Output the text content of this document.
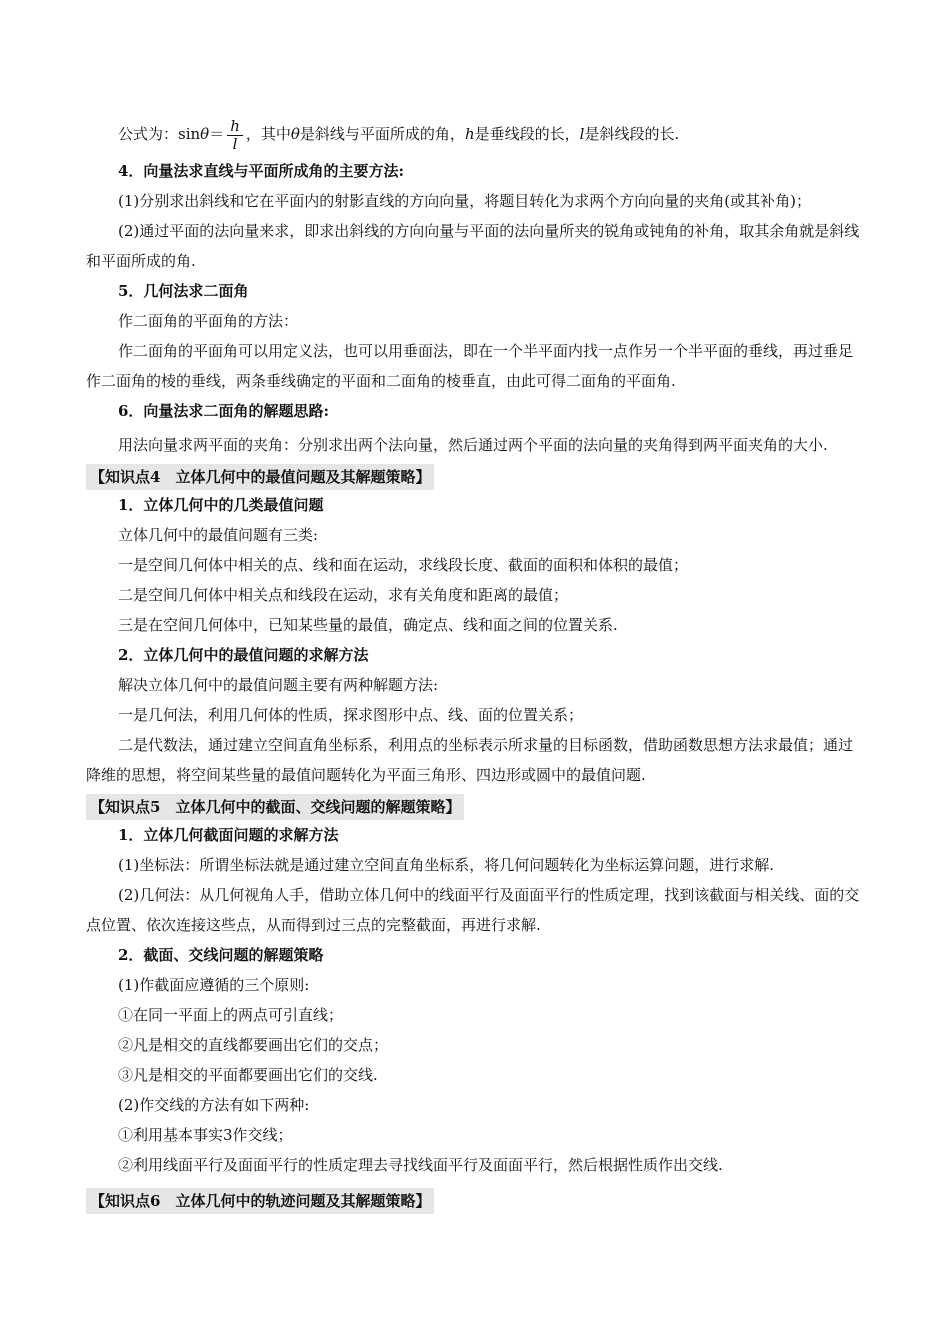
公式为：$\sin\theta= \frac{h}{l}$ ，其中θ是斜线与平面所成的角，h是垂线段的长，l是斜线段的长.
4．向量法求直线与平面所成角的主要方法:
(1)分别求出斜线和它在平面内的射影直线的方向向量，将题目转化为求两个方向向量的夹角(或其补角)；
(2)通过平面的法向量来求，即求出斜线的方向向量与平面的法向量所夹的锐角或钝角的补角，取其余角就是斜线和平面所成的角.
5．几何法求二面角
作二面角的平面角的方法：
作二面角的平面角可以用定义法，也可以用垂面法，即在一个半平面内找一点作另一个半平面的垂线，再过垂足作二面角的棱的垂线，两条垂线确定的平面和二面角的棱垂直，由此可得二面角的平面角.
6．向量法求二面角的解题思路:
用法向量求两平面的夹角：分别求出两个法向量，然后通过两个平面的法向量的夹角得到两平面夹角的大小.
【知识点4　立体几何中的最值问题及其解题策略】
1．立体几何中的几类最值问题
立体几何中的最值问题有三类:
一是空间几何体中相关的点、线和面在运动，求线段长度、截面的面积和体积的最值；
二是空间几何体中相关点和线段在运动，求有关角度和距离的最值；
三是在空间几何体中，已知某些量的最值，确定点、线和面之间的位置关系.
2．立体几何中的最值问题的求解方法
解决立体几何中的最值问题主要有两种解题方法:
一是几何法，利用几何体的性质，探求图形中点、线、面的位置关系；
二是代数法，通过建立空间直角坐标系，利用点的坐标表示所求量的目标函数，借助函数思想方法求最值；通过降维的思想，将空间某些量的最值问题转化为平面三角形、四边形或圆中的最值问题.
【知识点5　立体几何中的截面、交线问题的解题策略】
1．立体几何截面问题的求解方法
(1)坐标法：所谓坐标法就是通过建立空间直角坐标系，将几何问题转化为坐标运算问题，进行求解.
(2)几何法：从几何视角人手，借助立体几何中的线面平行及面面平行的性质定理，找到该截面与相关线、面的交点位置、依次连接这些点，从而得到过三点的完整截面，再进行求解.
2．截面、交线问题的解题策略
(1)作截面应遵循的三个原则:
①在同一平面上的两点可引直线；
②凡是相交的直线都要画出它们的交点；
③凡是相交的平面都要画出它们的交线.
(2)作交线的方法有如下两种:
①利用基本事实3作交线；
②利用线面平行及面面平行的性质定理去寻找线面平行及面面平行，然后根据性质作出交线.
【知识点6　立体几何中的轨迹问题及其解题策略】
